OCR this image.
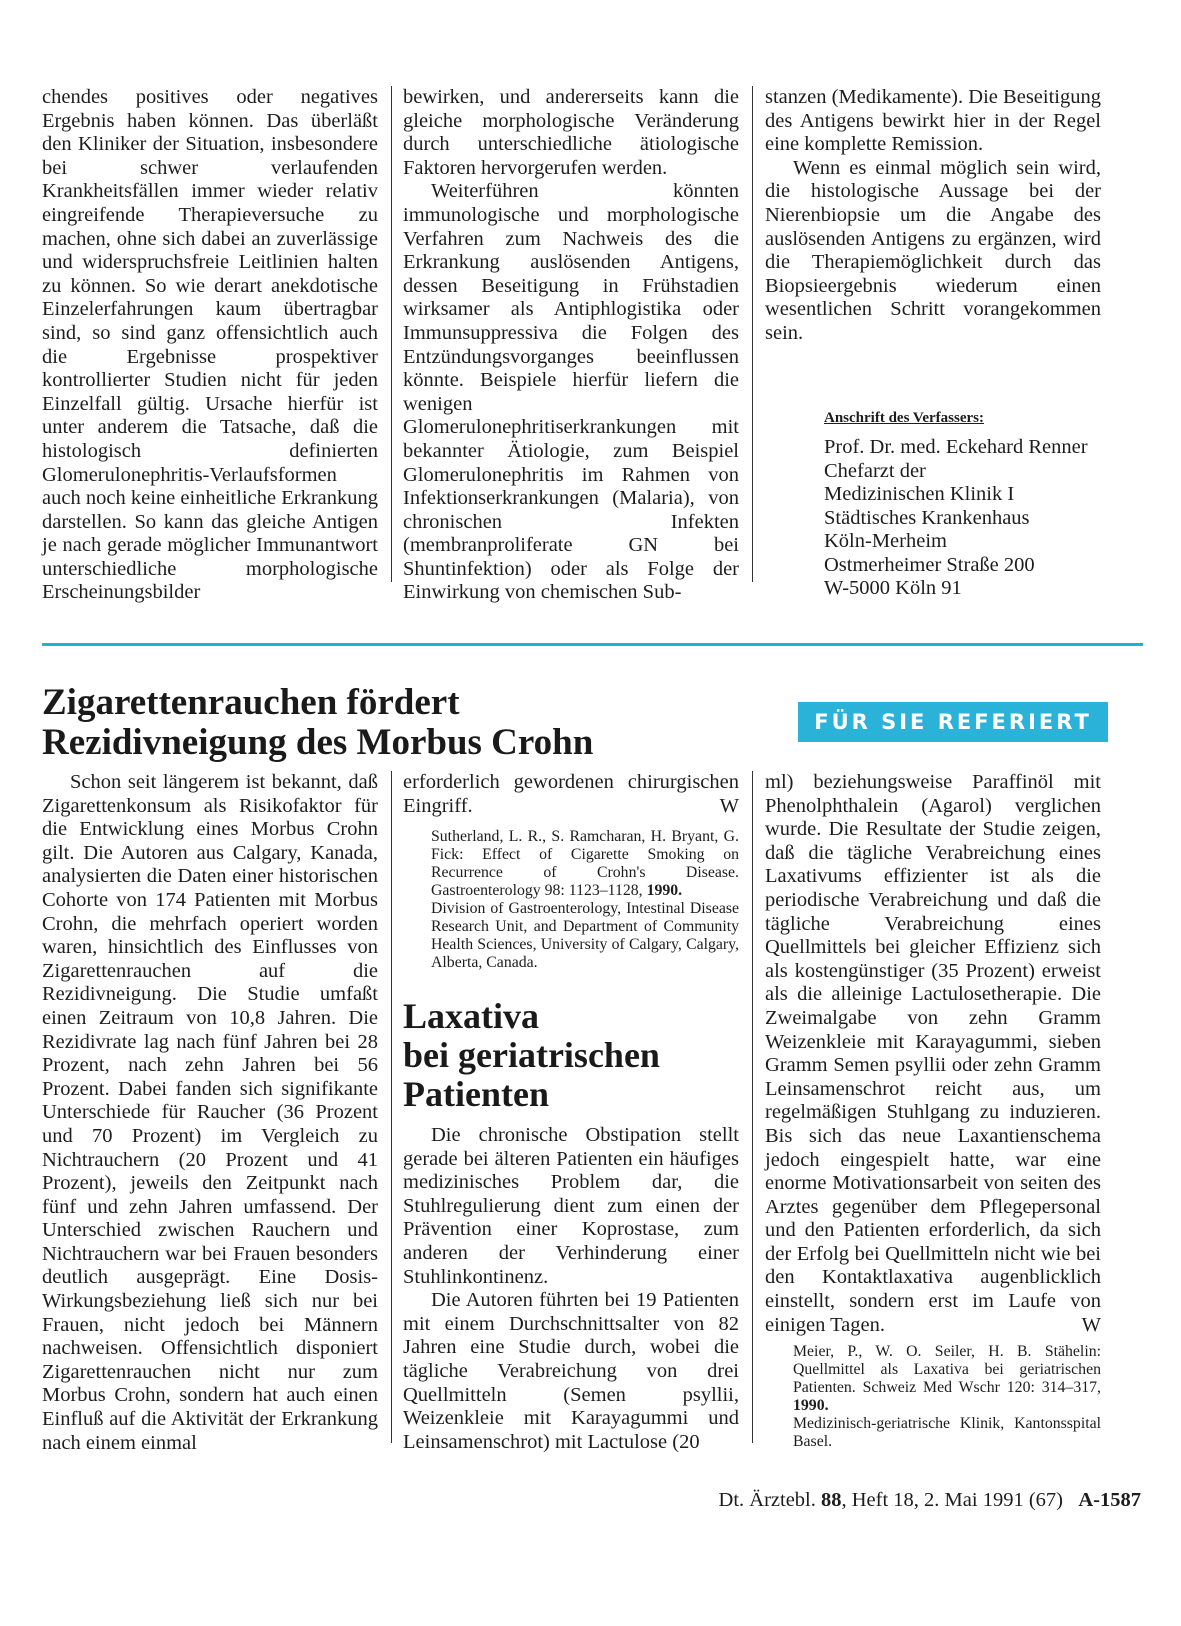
chendes positives oder negatives Ergebnis haben können. Das überläßt den Kliniker der Situation, insbesondere bei schwer verlaufenden Krankheitsfällen immer wieder relativ eingreifende Therapieversuche zu machen, ohne sich dabei an zuverlässige und widerspruchsfreie Leitlinien halten zu können. So wie derart anekdotische Einzelerfahrungen kaum übertragbar sind, so sind ganz offensichtlich auch die Ergebnisse prospektiver kontrollierter Studien nicht für jeden Einzelfall gültig. Ursache hierfür ist unter anderem die Tatsache, daß die histologisch definierten Glomerulonephritis-Verlaufsformen auch noch keine einheitliche Erkrankung darstellen. So kann das gleiche Antigen je nach gerade möglicher Immunantwort unterschiedliche morphologische Erscheinungsbilder

bewirken, und andererseits kann die gleiche morphologische Veränderung durch unterschiedliche ätiologische Faktoren hervorgerufen werden.

Weiterführen könnten immunologische und morphologische Verfahren zum Nachweis des die Erkrankung auslösenden Antigens, dessen Beseitigung in Frühstadien wirksamer als Antiphlogistika oder Immunsuppressiva die Folgen des Entzündungsvorganges beeinflussen könnte. Beispiele hierfür liefern die wenigen Glomerulonephritiserkrankungen mit bekannter Ätiologie, zum Beispiel Glomerulonephritis im Rahmen von Infektionserkrankungen (Malaria), von chronischen Infekten (membranproliferate GN bei Shuntinfektion) oder als Folge der Einwirkung von chemischen Sub-

stanzen (Medikamente). Die Beseitigung des Antigens bewirkt hier in der Regel eine komplette Remission.

Wenn es einmal möglich sein wird, die histologische Aussage bei der Nierenbiopsie um die Angabe des auslösenden Antigens zu ergänzen, wird die Therapiemöglichkeit durch das Biopsieergebnis wiederum einen wesentlichen Schritt vorangekommen sein.

Anschrift des Verfassers:
Prof. Dr. med. Eckehard Renner
Chefarzt der
Medizinischen Klinik I
Städtisches Krankenhaus
Köln-Merheim
Ostmerheimer Straße 200
W-5000 Köln 91
Zigarettenrauchen fördert
Rezidivneigung des Morbus Crohn	FÜR SIE REFERIERT

Schon seit längerem ist bekannt, daß Zigarettenkonsum als Risikofaktor für die Entwicklung eines Morbus Crohn gilt. Die Autoren aus Calgary, Kanada, analysierten die Daten einer historischen Cohorte von 174 Patienten mit Morbus Crohn, die mehrfach operiert worden waren, hinsichtlich des Einflusses von Zigarettenrauchen auf die Rezidivneigung. Die Studie umfaßt einen Zeitraum von 10,8 Jahren. Die Rezidivrate lag nach fünf Jahren bei 28 Prozent, nach zehn Jahren bei 56 Prozent. Dabei fanden sich signifikante Unterschiede für Raucher (36 Prozent und 70 Prozent) im Vergleich zu Nichtrauchern (20 Prozent und 41 Prozent), jeweils den Zeitpunkt nach fünf und zehn Jahren umfassend. Der Unterschied zwischen Rauchern und Nichtrauchern war bei Frauen besonders deutlich ausgeprägt. Eine Dosis-Wirkungsbeziehung ließ sich nur bei Frauen, nicht jedoch bei Männern nachweisen. Offensichtlich disponiert Zigarettenrauchen nicht nur zum Morbus Crohn, sondern hat auch einen Einfluß auf die Aktivität der Erkrankung nach einem einmal

erforderlich gewordenen chirurgischen Eingriff.	W

Sutherland, L. R., S. Ramcharan, H. Bryant, G. Fick: Effect of Cigarette Smoking on Recurrence of Crohn's Disease. Gastroenterology 98: 1123–1128, 1990.
Division of Gastroenterology, Intestinal Disease Research Unit, and Department of Community Health Sciences, University of Calgary, Calgary, Alberta, Canada.
Laxativa
bei geriatrischen
Patienten

Die chronische Obstipation stellt gerade bei älteren Patienten ein häufiges medizinisches Problem dar, die Stuhlregulierung dient zum einen der Prävention einer Koprostase, zum anderen der Verhinderung einer Stuhlinkontinenz.

Die Autoren führten bei 19 Patienten mit einem Durchschnittsalter von 82 Jahren eine Studie durch, wobei die tägliche Verabreichung von drei Quellmitteln (Semen psyllii, Weizenkleie mit Karayagummi und Leinsamenschrot) mit Lactulose (20

ml) beziehungsweise Paraffinöl mit Phenolphthalein (Agarol) verglichen wurde. Die Resultate der Studie zeigen, daß die tägliche Verabreichung eines Laxativums effizienter ist als die periodische Verabreichung und daß die tägliche Verabreichung eines Quellmittels bei gleicher Effizienz sich als kostengünstiger (35 Prozent) erweist als die alleinige Lactulosetherapie. Die Zweimalgabe von zehn Gramm Weizenkleie mit Karayagummi, sieben Gramm Semen psyllii oder zehn Gramm Leinsamenschrot reicht aus, um regelmäßigen Stuhlgang zu induzieren. Bis sich das neue Laxantienschema jedoch eingespielt hatte, war eine enorme Motivationsarbeit von seiten des Arztes gegenüber dem Pflegepersonal und den Patienten erforderlich, da sich der Erfolg bei Quellmitteln nicht wie bei den Kontaktlaxativa augenblicklich einstellt, sondern erst im Laufe von einigen Tagen.	W

Meier, P., W. O. Seiler, H. B. Stähelin: Quellmittel als Laxativa bei geriatrischen Patienten. Schweiz Med Wschr 120: 314–317, 1990.
Medizinisch-geriatrische Klinik, Kantonsspital Basel.
Dt. Ärztebl. 88, Heft 18, 2. Mai 1991 (67) A-1587
